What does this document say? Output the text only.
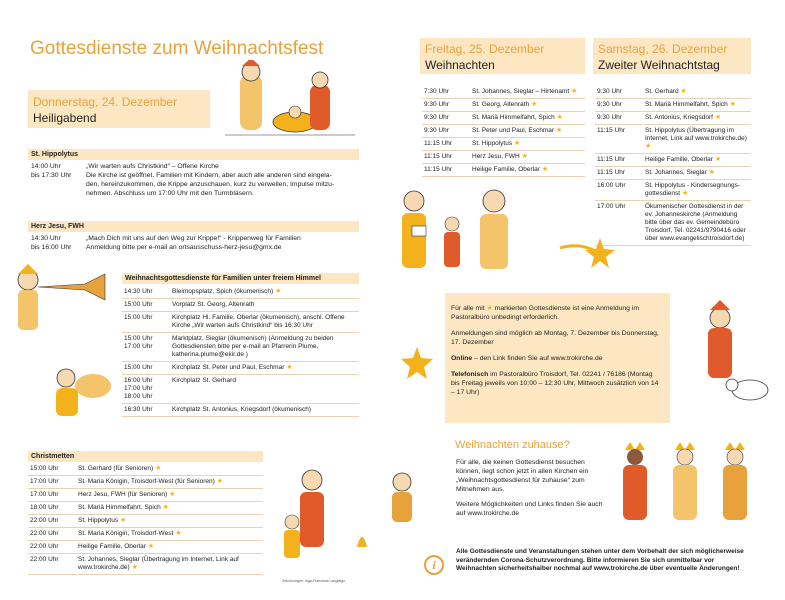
Gottesdienste zum Weihnachtsfest
Donnerstag, 24. Dezember
Heiligabend
St. Hippolytus
14:00 Uhr
bis 17:30 Uhr
„Wir warten aufs Christkind“ – Offene Kirche
Die Kirche ist geöffnet. Familien mit Kindern, aber auch alle anderen sind eingela-
den, hereinzukommen, die Krippe anzuschauen, kurz zu verweilen, Impulse mitzu-
nehmen. Abschluss um 17:00 Uhr mit den Turmbläsern.
Herz Jesu, FWH
14:30 Uhr
bis 16:00 Uhr
„Mach Dich mit uns auf den Weg zur Krippe!“ - Krippenweg für Familien
Anmeldung bitte per e-mail an ortsausschuss-herz-jesu@gmx.de
Weihnachtsgottesdienste für Familien unter freiem Himmel
14:30 Uhr	Bleimopsplatz, Spich (ökumenisch) ★
15:00 Uhr	Vorplatz St. Georg, Altenrath
15:00 Uhr	Kirchplatz Hl. Familie, Oberlar (ökumenisch), anschl. Offene Kirche „Wir warten aufs Christkind“ bis 16:30 Uhr
15:00 Uhr
17:00 Uhr	Marktplatz, Sieglar (ökumenisch) (Anmeldung zu beiden Gottesdiensten bitte per e-mail an Pfarrerin Plume, katherina.plume@ekir.de )
15:00 Uhr	Kirchplatz St. Peter und Paul, Eschmar ★
16:00 Uhr
17:00 Uhr
18:00 Uhr	Kirchplatz St. Gerhard
16:30 Uhr	Kirchplatz St. Antonius, Kriegsdorf (ökumenisch)
Christmetten
15:00 Uhr	St. Gerhard (für Senioren) ★
17:00 Uhr	St. Maria Königin, Troisdorf-West (für Senioren) ★
17:00 Uhr	Herz Jesu, FWH (für Senioren) ★
18:00 Uhr	St. Mariä Himmelfahrt, Spich ★
22:00 Uhr	St. Hippolytus ★
22:00 Uhr	St. Maria Königin, Troisdorf-West ★
22:00 Uhr	Heilige Familie, Oberlar ★
22:00 Uhr	St. Johannes, Sieglar (Übertragung im Internet, Link auf www.trokirche.de) ★
Zeichnungen: Inga-Francisca Langlaige
Freitag, 25. Dezember
Weihnachten
7:30 Uhr	St. Johannes, Sieglar – Hirtenamt ★
9:30 Uhr	St. Georg, Altenrath ★
9:30 Uhr	St. Mariä Himmelfahrt, Spich ★
9:30 Uhr	St. Peter und Paul, Eschmar ★
11:15 Uhr	St. Hippolytus ★
11:15 Uhr	Herz Jesu, FWH ★
11:15 Uhr	Heilige Familie, Oberlar ★
Samstag, 26. Dezember
Zweiter Weihnachtstag
9:30 Uhr	St. Gerhard ★
9:30 Uhr	St. Mariä Himmelfahrt, Spich ★
9:30 Uhr	St. Antonius, Kriegsdorf ★
11:15 Uhr	St. Hippolytus (Übertragung im Internet, Link auf www.trokirche.de) ★
11:15 Uhr	Heilige Familie, Oberlar ★
11:15 Uhr	St. Johannes, Sieglar ★
16:00 Uhr	St. Hippolytus - Kindersegnungs-gottesdienst ★
17:00 Uhr	Ökumenischer Gottesdienst in der ev. Johanneskirche (Anmeldung bitte über das ev. Gemeindebüro Troisdorf, Tel. 02241/9790416 oder über www.evangelischtroisdorf.de)
Für alle mit ★ markierten Gottesdienste ist eine Anmeldung im Pastoralbüro unbedingt erforderlich.
Anmeldungen sind möglich ab Montag, 7. Dezember bis Donnerstag, 17. Dezember
Online – den Link finden Sie auf www.trokirche.de
Telefonisch im Pastoralbüro Troisdorf, Tel. 02241 / 76186 (Montag bis Freitag jeweils von 10:00 – 12:30 Uhr, Mittwoch zusätzlich von 14 – 17 Uhr)
Weihnachten zuhause?
Für alle, die keinen Gottesdienst besuchen können, liegt schon jetzt in allen Kirchen ein „Weihnachtsgottesdienst für zuhause“ zum Mitnehmen aus.
Weitere Möglichkeiten und Links finden Sie auch auf www.trokirche.de
i
Alle Gottesdienste und Veranstaltungen stehen unter dem Vorbehalt der sich möglicherweise verändernden Corona-Schutzverordnung. Bitte informieren Sie sich unmittelbar vor Weihnachten sicherheitshalber nochmal auf www.trokirche.de über eventuelle Änderungen!
